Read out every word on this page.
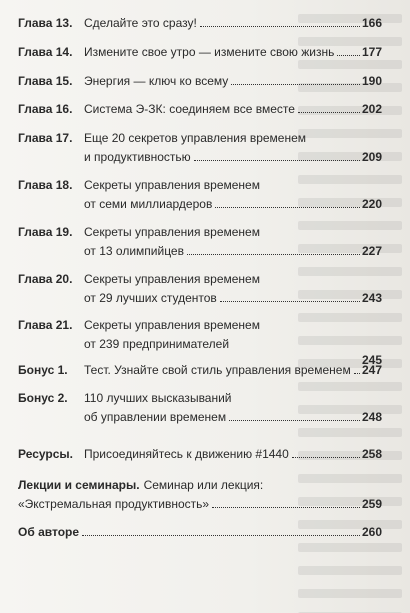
Глава 13. Сделайте это сразу!	166
Глава 14. Измените свое утро — измените свою жизнь 177
Глава 15. Энергия — ключ ко всему	190
Глава 16. Система Э-ЗК: соединяем все вместе	202
Глава 17. Еще 20 секретов управления временем
и продуктивностью	209
Глава 18. Секреты управления временем
от семи миллиардеров	220
Глава 19. Секреты управления временем
от 13 олимпийцев	227
Глава 20. Секреты управления временем
от 29 лучших студентов	243
Глава 21. Секреты управления временем
от 239 предпринимателей
245
Бонус 1. Тест. Узнайте свой стиль управления временем 247
Бонус 2. 110 лучших высказываний
об управлении временем	248
Ресурсы. Присоединяйтесь к движению #1440	258
Лекции и семинары. Семинар или лекция:
«Экстремальная продуктивность»	259
Об авторе	260
